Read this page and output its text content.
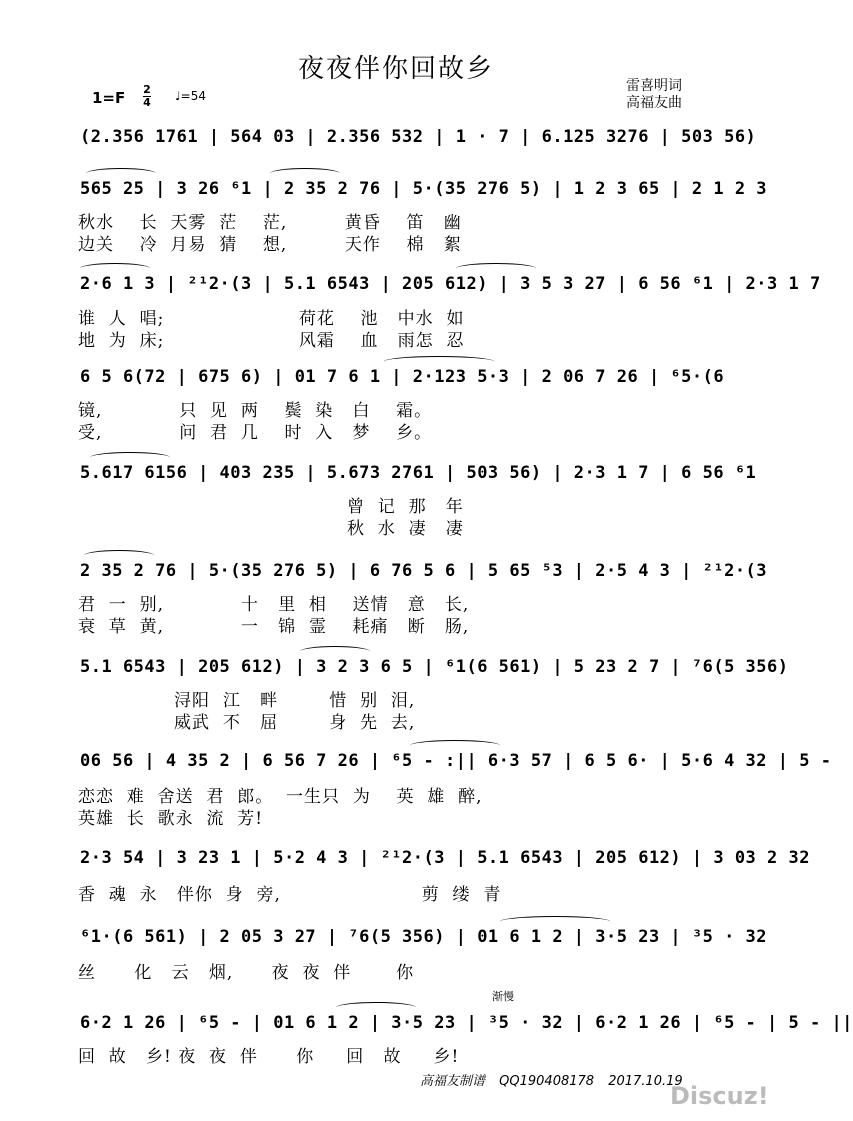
夜夜伴你回故乡
雷喜明词
高福友曲
1=F 2
4 ♩=54
(2.356 1761 | 564 03 | 2.356 532 | 1 · 7 | 6.125 3276 | 503 56)
565 25 | 3 26 ⁶1 | 2 35 2 76 | 5·(35 276 5) | 1 2 3 65 | 2 1 2 3
秋水    长  天雾  茫    茫,         黄昏    笛   幽
边关    冷  月易  猜    想,         天作    棉   絮
2·6 1 3 | ²¹2·(3 | 5.1 6543 | 205 612) | 3 5 3 27 | 6 56 ⁶1 | 2·3 1 7
谁  人  唱;                     荷花    池   中水  如
地  为  床;                     风霜    血   雨怎  忍
6 5 6(72 | 675 6) | 01 7 6 1 | 2·123 5·3 | 2 06 7 26 | ⁶5·(6
镜,            只  见  两    鬓  染   白    霜。
受,            问  君  几    时  入   梦    乡。
5.617 6156 | 403 235 | 5.673 2761 | 503 56) | 2·3 1 7 | 6 56 ⁶1
曾  记  那   年
秋  水  凄   凄
2 35 2 76 | 5·(35 276 5) | 6 76 5 6 | 5 65 ⁵3 | 2·5 4 3 | ²¹2·(3
君  一  别,            十   里  相    送情   意   长,
衰  草  黄,            一   锦  霊    耗痛   断   肠,
5.1 6543 | 205 612) | 3 2 3 6 5 | ⁶1(6 561) | 5 23 2 7 | ⁷6(5 356)
浔阳  江   畔        惜  别  泪,
威武  不   屈        身  先  去,
06 56 | 4 35 2 | 6 56 7 26 | ⁶5 - :|| 6·3 57 | 6 5 6· | 5·6 4 32 | 5 -
恋恋  难  舍送  君  郎。  一生只  为    英  雄  醉,
英雄  长  歌永  流  芳!
2·3 54 | 3 23 1 | 5·2 4 3 | ²¹2·(3 | 5.1 6543 | 205 612) | 3 03 2 32
香  魂  永   伴你  身  旁,                      剪  缕  青
⁶1·(6 561) | 2 05 3 27 | ⁷6(5 356) | 01 6 1 2 | 3·5 23 | ³5 · 32
丝      化   云   烟,      夜  夜  伴       你
渐慢
6·2 1 26 | ⁶5 - | 01 6 1 2 | 3·5 23 | ³5 · 32 | 6·2 1 26 | ⁶5 - | 5 - ||
回  故   乡! 夜  夜  伴      你     回   故     乡!
高福友制谱 QQ190408178 2017.10.19
Discuz!
